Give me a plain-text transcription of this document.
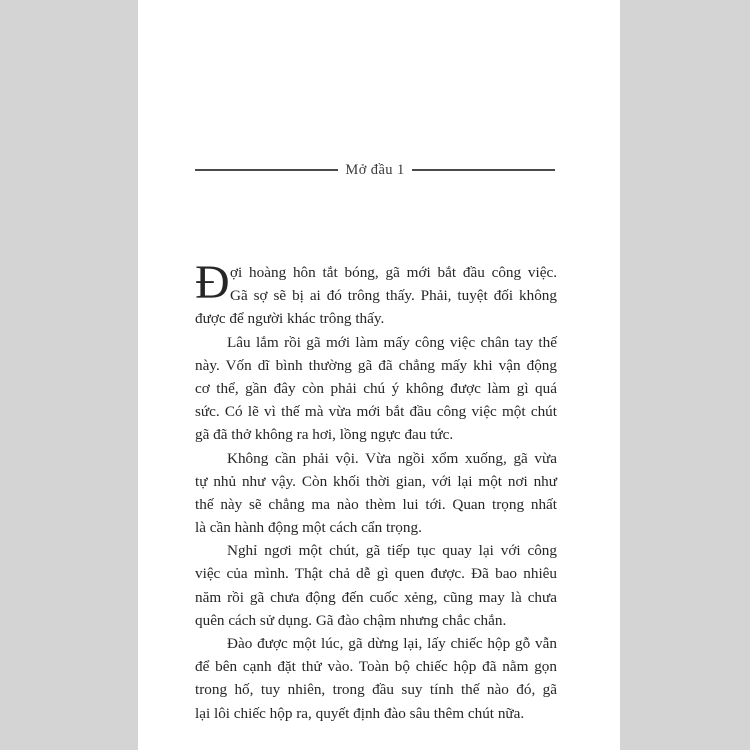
Mở đầu 1
Đ ợi hoàng hôn tắt bóng, gã mới bắt đầu công việc.
Gã sợ sẽ bị ai đó trông thấy. Phải, tuyệt đối không
được để người khác trông thấy.
Lâu lắm rồi gã mới làm mấy công việc chân tay thế
này. Vốn dĩ bình thường gã đã chẳng mấy khi vận động
cơ thể, gần đây còn phải chú ý không được làm gì quá
sức. Có lẽ vì thế mà vừa mới bắt đầu công việc một chút
gã đã thở không ra hơi, lồng ngực đau tức.
Không cần phải vội. Vừa ngồi xổm xuống, gã vừa
tự nhủ như vậy. Còn khối thời gian, với lại một nơi như
thế này sẽ chẳng ma nào thèm lui tới. Quan trọng nhất
là cần hành động một cách cẩn trọng.
Nghỉ ngơi một chút, gã tiếp tục quay lại với công
việc của mình. Thật chả dễ gì quen được. Đã bao nhiêu
năm rồi gã chưa động đến cuốc xẻng, cũng may là chưa
quên cách sử dụng. Gã đào chậm nhưng chắc chắn.
Đào được một lúc, gã dừng lại, lấy chiếc hộp gỗ vẫn
để bên cạnh đặt thử vào. Toàn bộ chiếc hộp đã nằm gọn
trong hố, tuy nhiên, trong đầu suy tính thế nào đó, gã
lại lôi chiếc hộp ra, quyết định đào sâu thêm chút nữa.
